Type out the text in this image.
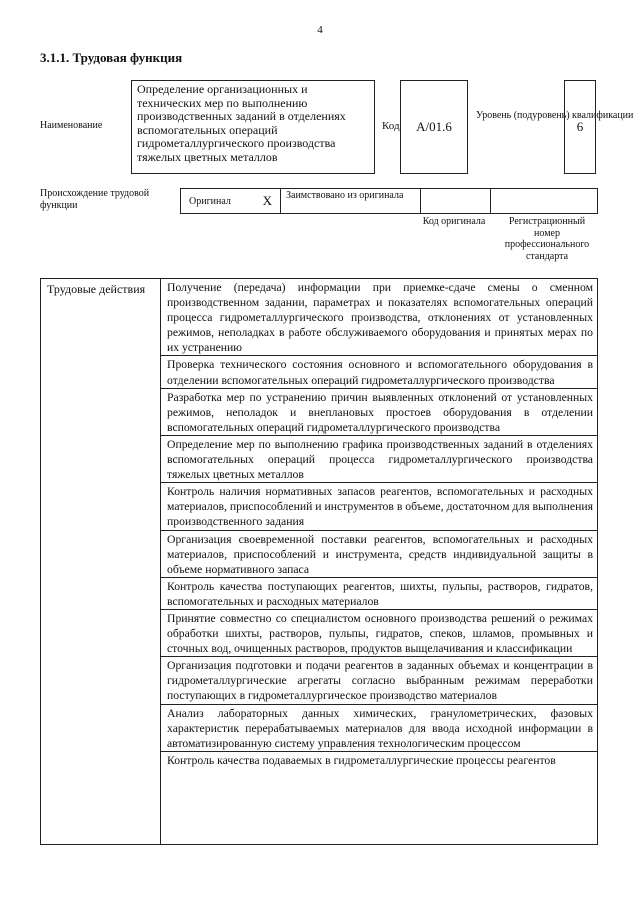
4
3.1.1. Трудовая функция
Наименование
Определение организационных и технических мер по выполнению производственных заданий в отделениях вспомогательных операций гидрометаллургического производства тяжелых цветных металлов
Код	A/01.6
Уровень (подуровень) квалификации
6
Происхождение трудовой функции	Оригинал X	Заимствовано из оригинала
Код оригинала	Регистрационный номер профессионального стандарта
Трудовые действия	Получение (передача) информации при приемке-сдаче смены о сменном производственном задании, параметрах и показателях вспомогательных операций процесса гидрометаллургического производства, отклонениях от установленных режимов, неполадках в работе обслуживаемого оборудования и принятых мерах по их устранению
Проверка технического состояния основного и вспомогательного оборудования в отделении вспомогательных операций гидрометаллургического производства
Разработка мер по устранению причин выявленных отклонений от установленных режимов, неполадок и внеплановых простоев оборудования в отделении вспомогательных операций гидрометаллургического производства
Определение мер по выполнению графика производственных заданий в отделениях вспомогательных операций процесса гидрометаллургического производства тяжелых цветных металлов
Контроль наличия нормативных запасов реагентов, вспомогательных и расходных материалов, приспособлений и инструментов в объеме, достаточном для выполнения производственного задания
Организация своевременной поставки реагентов, вспомогательных и расходных материалов, приспособлений и инструмента, средств индивидуальной защиты в объеме нормативного запаса
Контроль качества поступающих реагентов, шихты, пульпы, растворов, гидратов, вспомогательных и расходных материалов
Принятие совместно со специалистом основного производства решений о режимах обработки шихты, растворов, пульпы, гидратов, спеков, шламов, промывных и сточных вод, очищенных растворов, продуктов выщелачивания и классификации
Организация подготовки и подачи реагентов в заданных объемах и концентрации в гидрометаллургические агрегаты согласно выбранным режимам переработки поступающих в гидрометаллургическое производство материалов
Анализ лабораторных данных химических, гранулометрических, фазовых характеристик перерабатываемых материалов для ввода исходной информации в автоматизированную систему управления технологическим процессом
Контроль качества подаваемых в гидрометаллургические процессы реагентов
